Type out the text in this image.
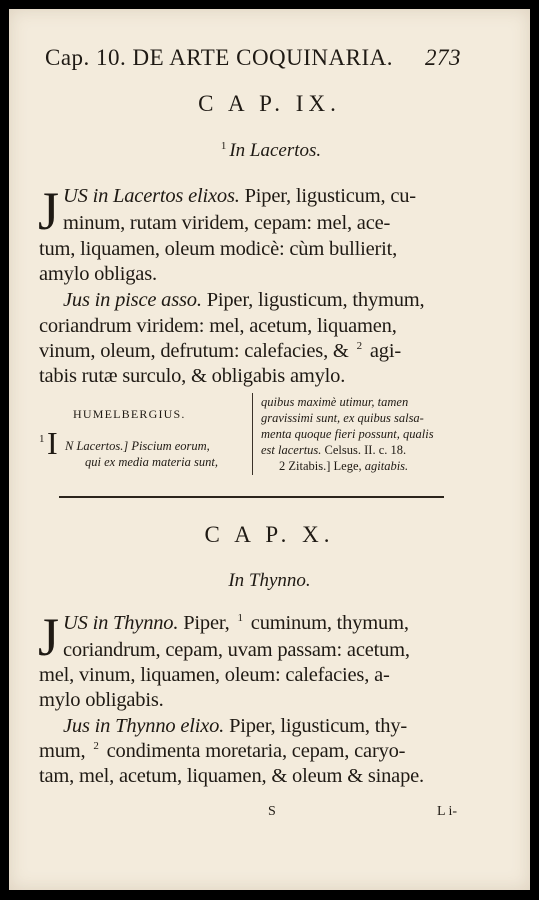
Cap. 10. DE ARTE COQUINARIA. 273
C A P. IX.
$^1$ In Lacertos.
J US in Lacertos elixos. Piper, ligusticum, cu-
minum, rutam viridem, cepam: mel, ace-
tum, liquamen, oleum modicè: cùm bullierit,
amylo obligas.
Jus in pisce asso. Piper, ligusticum, thymum,
coriandrum viridem: mel, acetum, liquamen,
vinum, oleum, defrutum: calefacies, & $^2$ agi-
tabis rutæ surculo, & obligabis amylo.
HUMELBERGIUS.
1 I N Lacertos.] Piscium eorum,
qui ex media materia sunt,
quibus maximè utimur, tamen
gravissimi sunt, ex quibus salsa-
menta quoque fieri possunt, qualis
est lacertus. Celsus. II. c. 18.
2 Zitabis.] Lege, agitabis.
C A P. X.
In Thynno.
J US in Thynno. Piper, $^1$ cuminum, thymum,
coriandrum, cepam, uvam passam: acetum,
mel, vinum, liquamen, oleum: calefacies, a-
mylo obligabis.
Jus in Thynno elixo. Piper, ligusticum, thy-
mum, $^2$ condimenta moretaria, cepam, caryo-
tam, mel, acetum, liquamen, & oleum & sinape.
S	L i-
